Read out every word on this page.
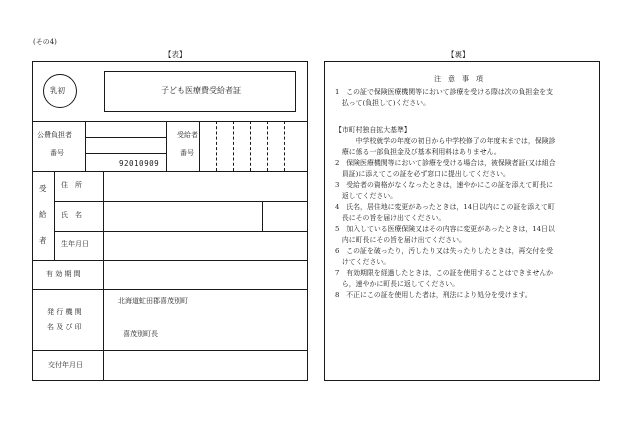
(その4)
【表】	【裏】
乳初	子ども医療費受給者証
公費負担者
番号
92010909
受給者
番号
受
給
者
住　所
氏　名
生年月日
有 効 期 間
発 行 機 関
名 及 び 印
北海道虻田郡喜茂別町
喜茂別町長
交付年月日
注　意　事　項
1　この証で保険医療機関等において診療を受ける際は次の負担金を支
　払って(負担して)ください。
【市町村独自拡大基準】
　　　中学校就学の年度の初日から中学校修了の年度末までは，保険診
　療に係る一部負担金及び基本利用料はありません。
2　保険医療機関等において診療を受ける場合は，被保険者証(又は組合
　員証)に添えてこの証を必ず窓口に提出してください。
3　受給者の資格がなくなったときは，速やかにこの証を添えて町長に
　返してください。
4　氏名，居住地に変更があったときは，14日以内にこの証を添えて町
　長にその旨を届け出てください。
5　加入している医療保険又はその内容に変更があったときは，14日以
　内に町長にその旨を届け出てください。
6　この証を破ったり，汚したり又は失ったりしたときは，再交付を受
　けてください。
7　有効期限を経過したときは，この証を使用することはできませんか
　ら，速やかに町長に返してください。
8　不正にこの証を使用した者は，刑法により処分を受けます。
